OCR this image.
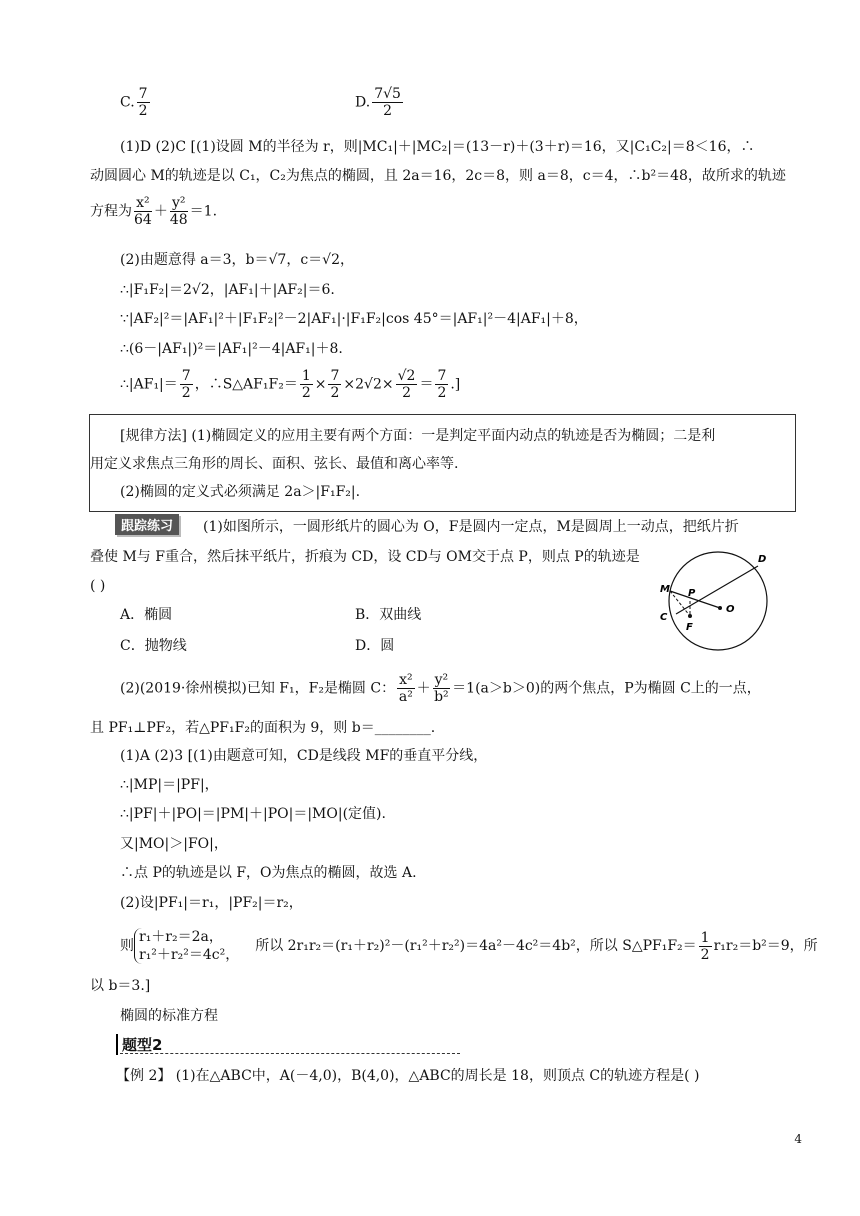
C. $\frac{7}{2}$	D. $\frac{7√5}{2}$
(1)D (2)C [(1)设圆 M的半径为 r，则|MC₁|＋|MC₂|＝(13－r)＋(3＋r)＝16，又|C₁C₂|＝8＜16，∴
动圆圆心 M的轨迹是以 C₁，C₂为焦点的椭圆，且 2a＝16，2c＝8，则 a＝8，c＝4，∴b²＝48，故所求的轨迹
方程为 $\frac{\text{x²}}{64} + \frac{\text{y²}}{48} =1$.
(2)由题意得 a＝3，b＝√7，c＝√2，
∴|F₁F₂|＝2√2，|AF₁|＋|AF₂|＝6.
∵|AF₂|²＝|AF₁|²＋|F₁F₂|²－2|AF₁|·|F₁F₂|cos 45°＝|AF₁|²－4|AF₁|＋8，
∴(6－|AF₁|)²＝|AF₁|²－4|AF₁|＋8.
∴|AF₁|＝ $\frac{7}{2}$ ，∴S△AF₁F₂＝ $\frac{1}{2} \times \frac{7}{2} \times 2√2\times \frac{√2}{2} = \frac{7}{2}$ .]
[规律方法] (1)椭圆定义的应用主要有两个方面：一是判定平面内动点的轨迹是否为椭圆；二是利
用定义求焦点三角形的周长、面积、弦长、最值和离心率等.
(2)椭圆的定义式必须满足 2a＞|F₁F₂|.
跟踪练习	(1)如图所示，一圆形纸片的圆心为 O，F是圆内一定点，M是圆周上一动点，把纸片折
叠使 M与 F重合，然后抹平纸片，折痕为 CD，设 CD与 OM交于点 P，则点 P的轨迹是
( )
A．椭圆	B．双曲线
C．抛物线	D．圆
D
M P
O
C
F
(2)(2019·徐州模拟)已知 F₁，F₂是椭圆 C： $\frac{\text{x²}}{\text{a²}} + \frac{\text{y²}}{\text{b²}} =1(a>b>0)$的两个焦点，P为椭圆 C上的一点，
且 PF₁⊥PF₂，若△PF₁F₂的面积为 9，则 b＝________.
(1)A (2)3 [(1)由题意可知，CD是线段 MF的垂直平分线，
∴|MP|＝|PF|，
∴|PF|＋|PO|＝|PM|＋|PO|＝|MO|(定值).
又|MO|＞|FO|，
∴点 P的轨迹是以 F，O为焦点的椭圆，故选 A.
(2)设|PF₁|＝r₁，|PF₂|＝r₂，
则
r₁＋r₂＝2a，
r₁²＋r₂²＝4c²，
所以 2r₁r₂＝(r₁＋r₂)²－(r₁²＋r₂²)＝4a²－4c²＝4b²，所以 S△PF₁F₂＝ $\frac{1}{2} r_1r_2=b^2=9$，所
以 b＝3.]
椭圆的标准方程
题型2
【例 2】 (1)在△ABC中，A(－4,0)，B(4,0)，△ABC的周长是 18，则顶点 C的轨迹方程是( )
4
